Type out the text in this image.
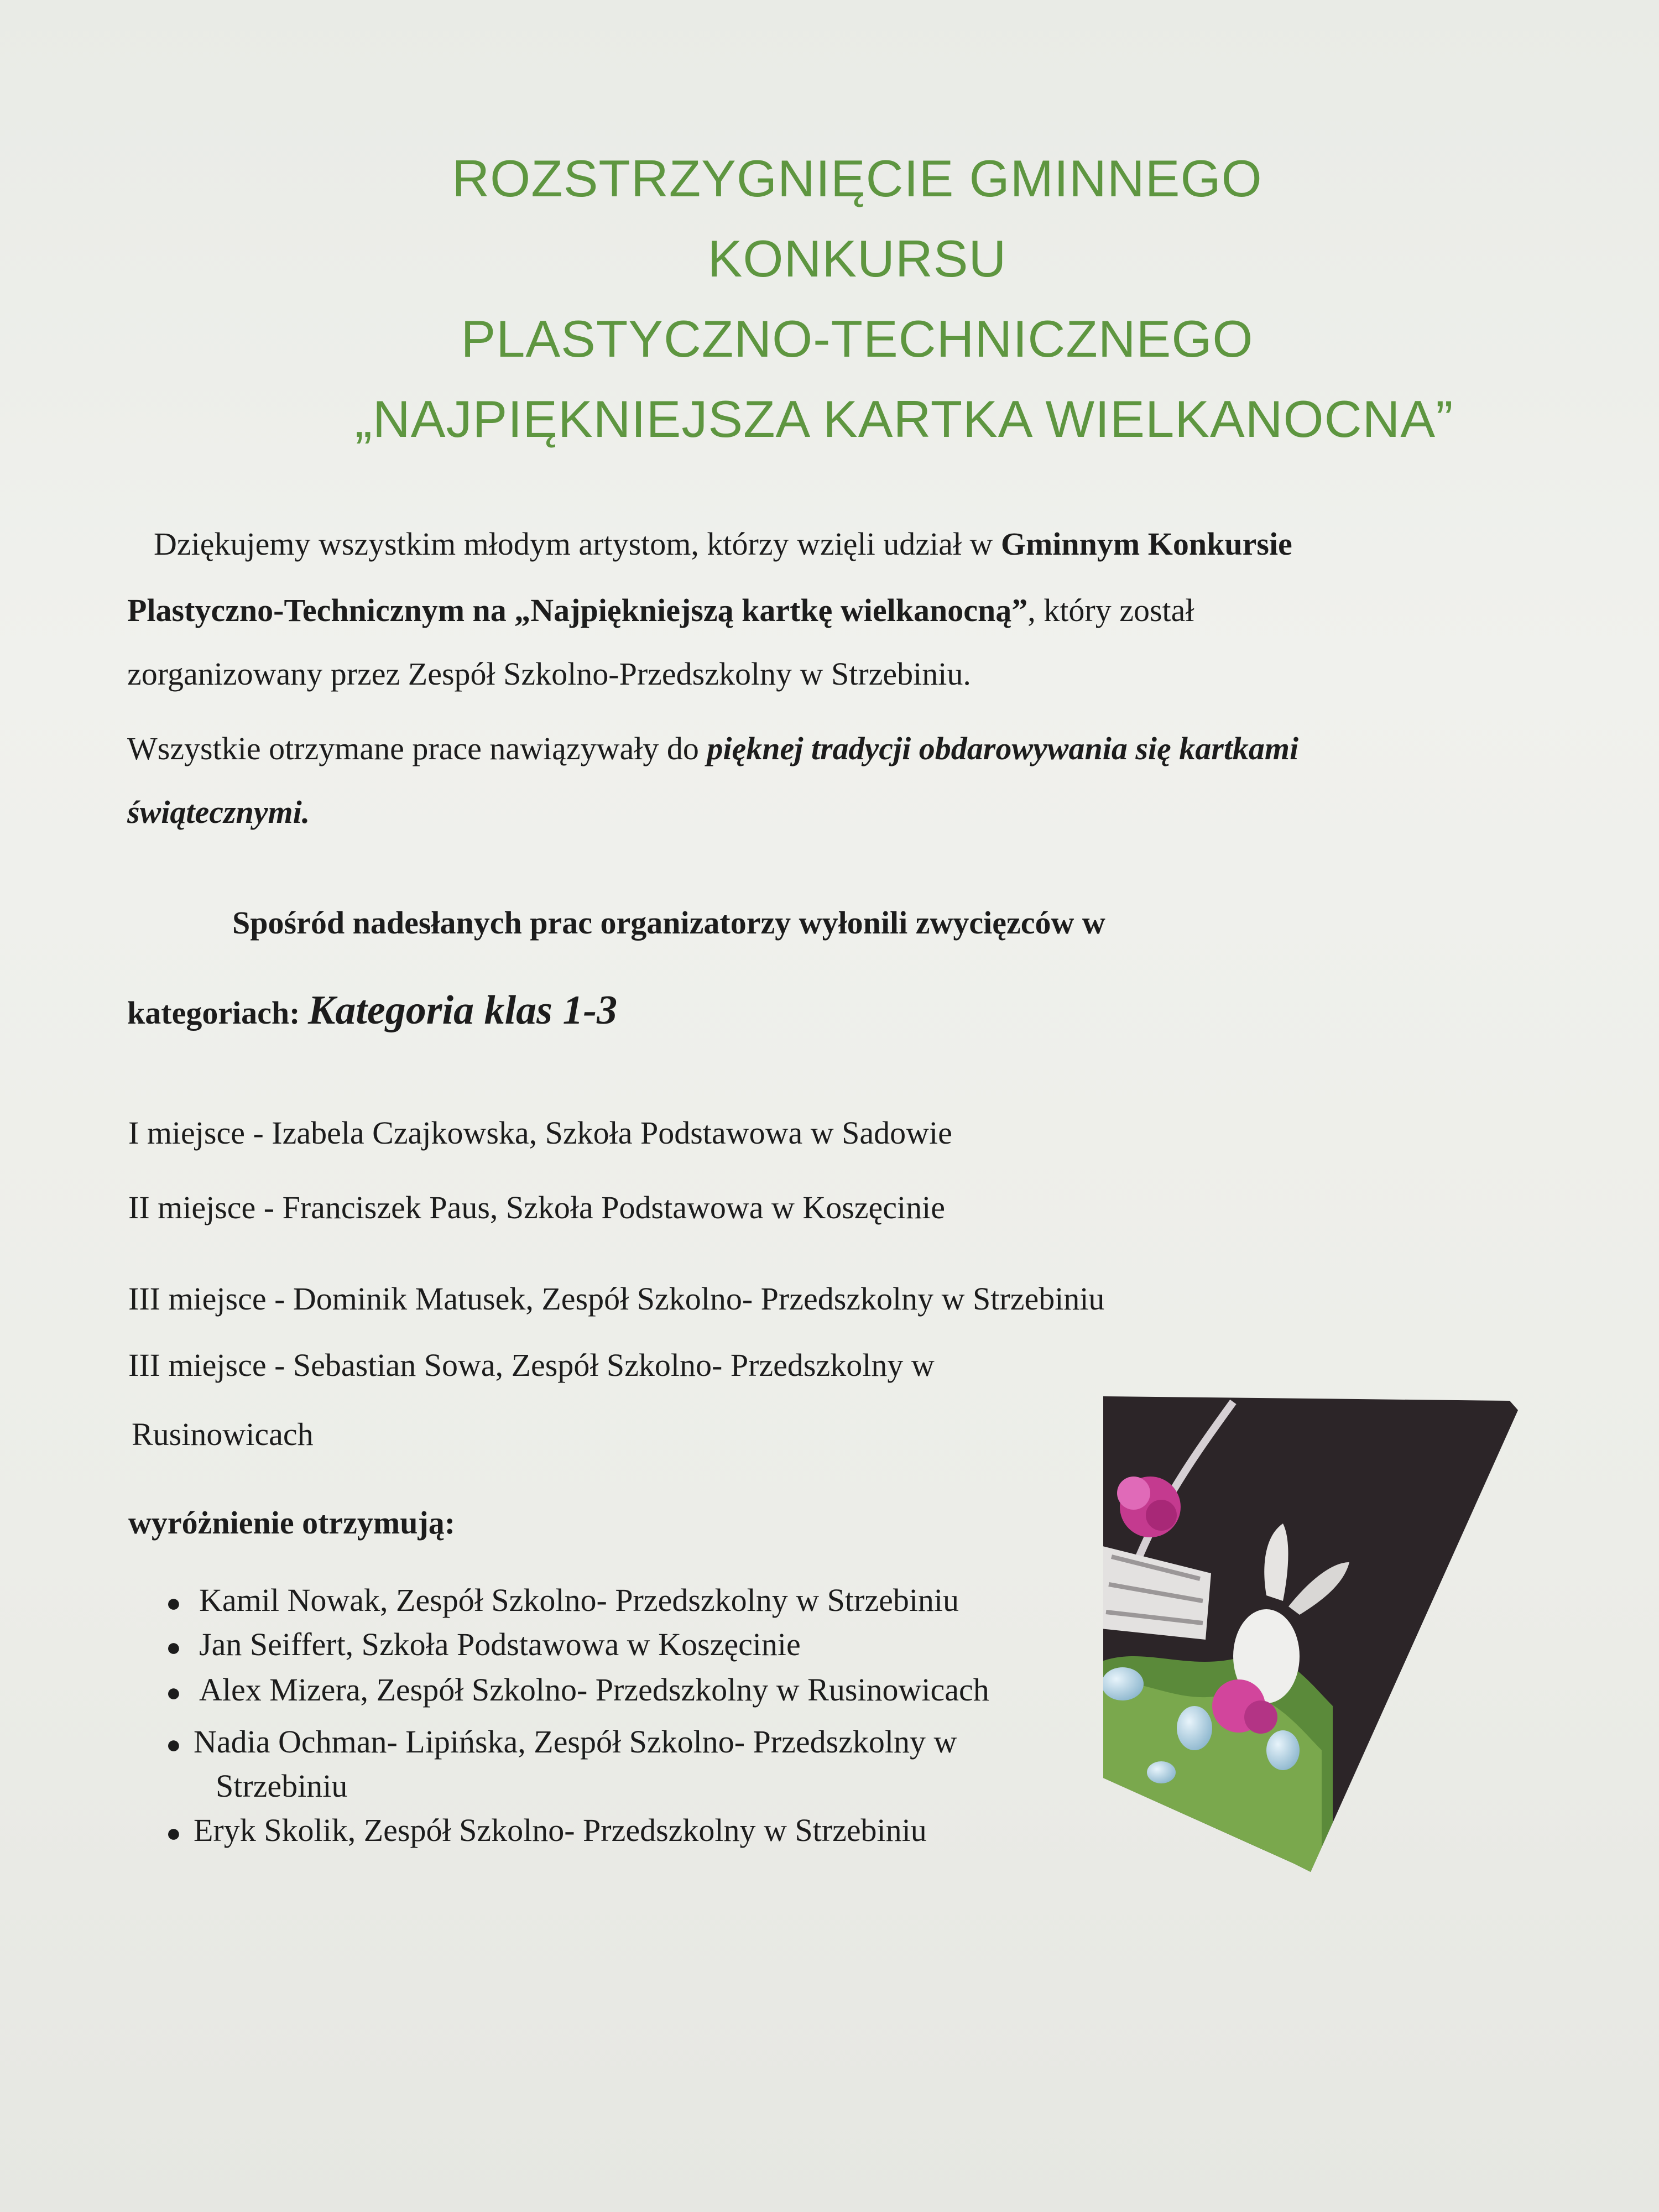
ROZSTRZYGNIĘCIE GMINNEGO
KONKURSU
PLASTYCZNO-TECHNICZNEGO
„NAJPIĘKNIEJSZA KARTKA WIELKANOCNA”
Dziękujemy wszystkim młodym artystom, którzy wzięli udział w Gminnym Konkursie
Plastyczno-Technicznym na „Najpiękniejszą kartkę wielkanocną”, który został
zorganizowany przez Zespół Szkolno-Przedszkolny w Strzebiniu.
Wszystkie otrzymane prace nawiązywały do pięknej tradycji obdarowywania się kartkami
świątecznymi.
Spośród nadesłanych prac organizatorzy wyłonili zwycięzców w
kategoriach: Kategoria klas 1-3
I miejsce - Izabela Czajkowska, Szkoła Podstawowa w Sadowie
II miejsce - Franciszek Paus, Szkoła Podstawowa w Koszęcinie
III miejsce - Dominik Matusek, Zespół Szkolno- Przedszkolny w Strzebiniu
III miejsce - Sebastian Sowa, Zespół Szkolno- Przedszkolny w
Rusinowicach
wyróżnienie otrzymują:
● Kamil Nowak, Zespół Szkolno- Przedszkolny w Strzebiniu
● Jan Seiffert, Szkoła Podstawowa w Koszęcinie
● Alex Mizera, Zespół Szkolno- Przedszkolny w Rusinowicach
● Nadia Ochman- Lipińska, Zespół Szkolno- Przedszkolny w
Strzebiniu
● Eryk Skolik, Zespół Szkolno- Przedszkolny w Strzebiniu
